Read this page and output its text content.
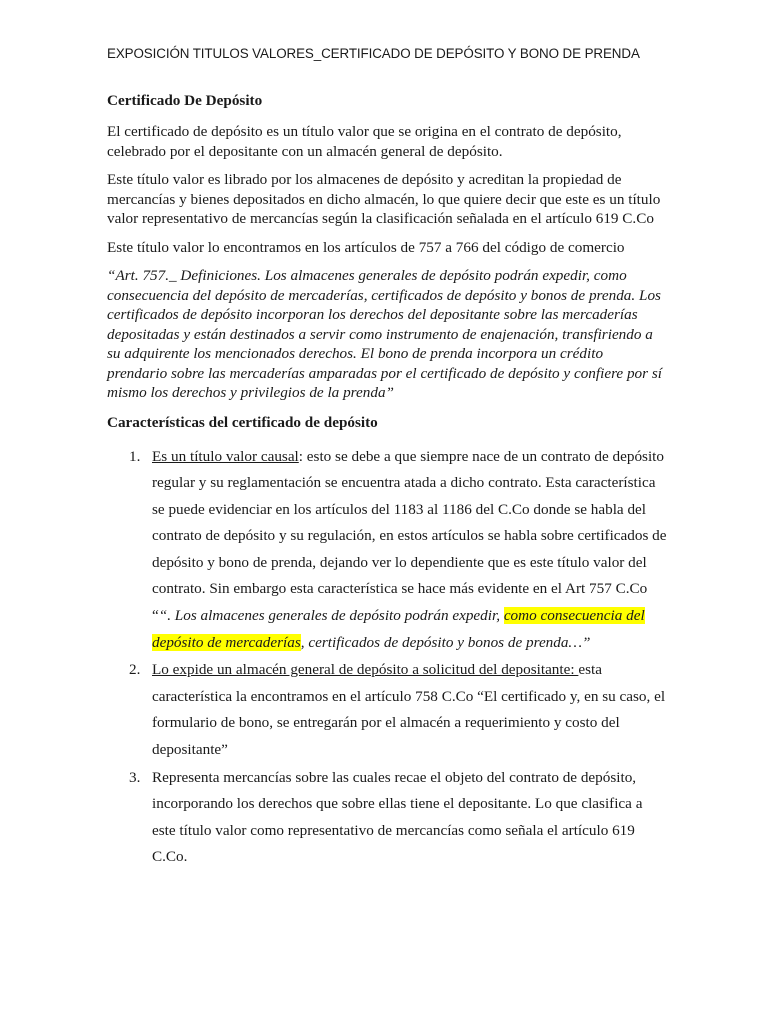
EXPOSICIÓN TITULOS VALORES_CERTIFICADO DE DEPÓSITO Y BONO DE PRENDA
Certificado De Depósito
El certificado de depósito es un título valor que se origina en el contrato de depósito, celebrado por el depositante con un almacén general de depósito.
Este título valor es librado por los almacenes de depósito y acreditan la propiedad de mercancías y bienes depositados en dicho almacén, lo que quiere decir que este es un título valor representativo de mercancías según la clasificación señalada en el artículo 619 C.Co
Este título valor lo encontramos en los artículos de 757 a 766 del código de comercio
“Art. 757._ Definiciones. Los almacenes generales de depósito podrán expedir, como consecuencia del depósito de mercaderías, certificados de depósito y bonos de prenda. Los certificados de depósito incorporan los derechos del depositante sobre las mercaderías depositadas y están destinados a servir como instrumento de enajenación, transfiriendo a su adquirente los mencionados derechos. El bono de prenda incorpora un crédito prendario sobre las mercaderías amparadas por el certificado de depósito y confiere por sí mismo los derechos y privilegios de la prenda”
Características del certificado de depósito
1. Es un título valor causal: esto se debe a que siempre nace de un contrato de depósito regular y su reglamentación se encuentra atada a dicho contrato. Esta característica se puede evidenciar en los artículos del 1183 al 1186 del C.Co donde se habla del contrato de depósito y su regulación, en estos artículos se habla sobre certificados de depósito y bono de prenda, dejando ver lo dependiente que es este título valor del contrato. Sin embargo esta característica se hace más evidente en el Art 757 C.Co ““. Los almacenes generales de depósito podrán expedir, como consecuencia del depósito de mercaderías, certificados de depósito y bonos de prenda…”
2. Lo expide un almacén general de depósito a solicitud del depositante: esta característica la encontramos en el artículo 758 C.Co “El certificado y, en su caso, el formulario de bono, se entregarán por el almacén a requerimiento y costo del depositante”
3. Representa mercancías sobre las cuales recae el objeto del contrato de depósito, incorporando los derechos que sobre ellas tiene el depositante. Lo que clasifica a este título valor como representativo de mercancías como señala el artículo 619 C.Co.
